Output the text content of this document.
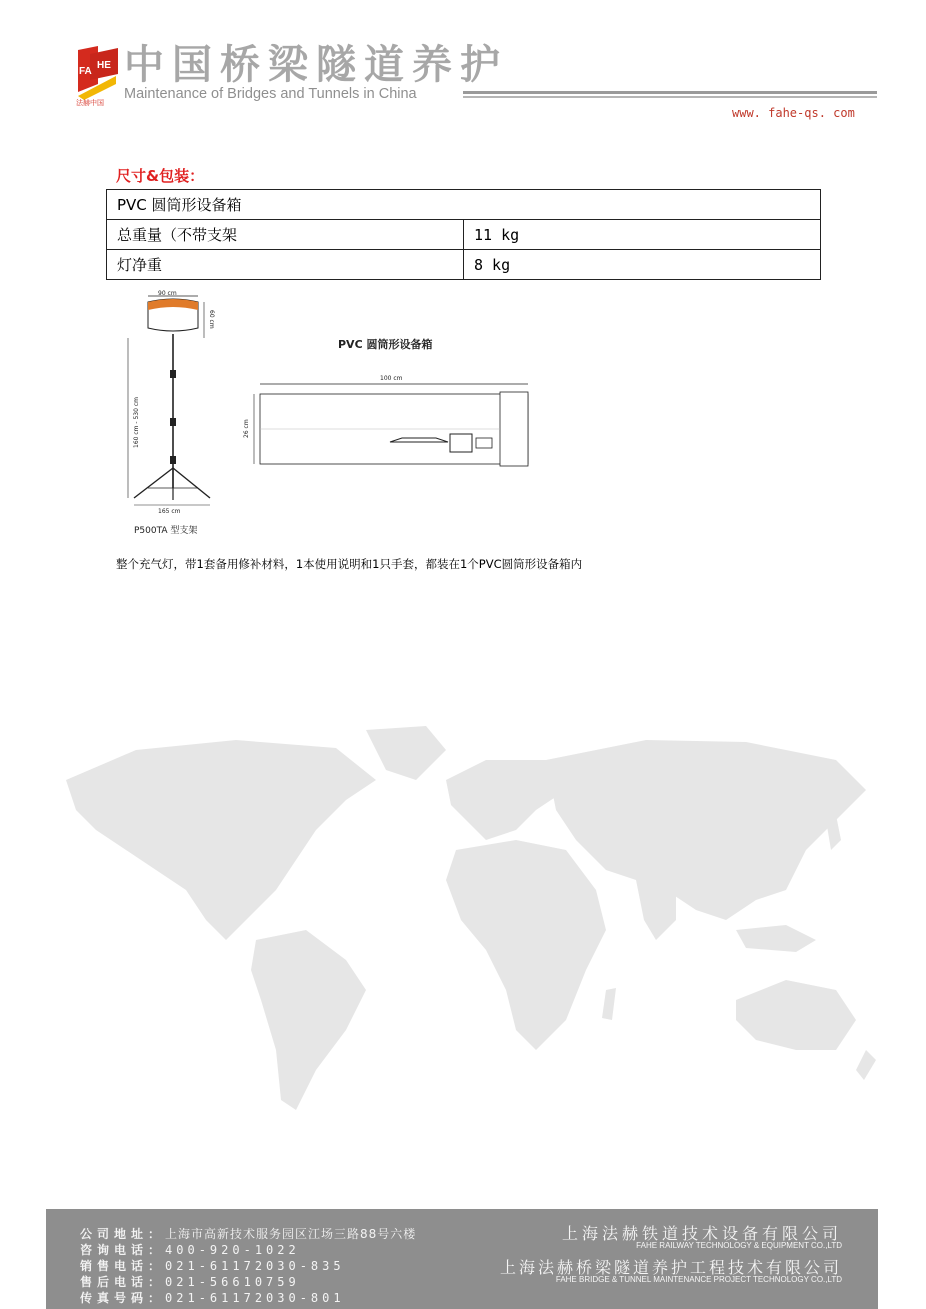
FA
HE
法赫中国
中国桥梁隧道养护
Maintenance of Bridges and Tunnels in China
www. fahe-qs. com
尺寸&包装：
PVC 圆筒形设备箱	
总重量（不带支架	11 kg
灯净重	8 kg
90 cm
60 cm
160 cm - 530 cm
165 cm
P500TA 型支架
PVC 圆筒形设备箱
100 cm
26 cm
整个充气灯，带1套备用修补材料，1本使用说明和1只手套，都装在1个PVC圆筒形设备箱内
公司地址：上海市高新技术服务园区江场三路88号六楼
咨询电话：400-920-1022
销售电话：021-61172030-835
售后电话：021-56610759
传真号码：021-61172030-801
上海法赫铁道技术设备有限公司
FAHE RAILWAY TECHNOLOGY & EQUIPMENT CO.,LTD
上海法赫桥梁隧道养护工程技术有限公司
FAHE BRIDGE & TUNNEL MAINTENANCE PROJECT TECHNOLOGY CO.,LTD
